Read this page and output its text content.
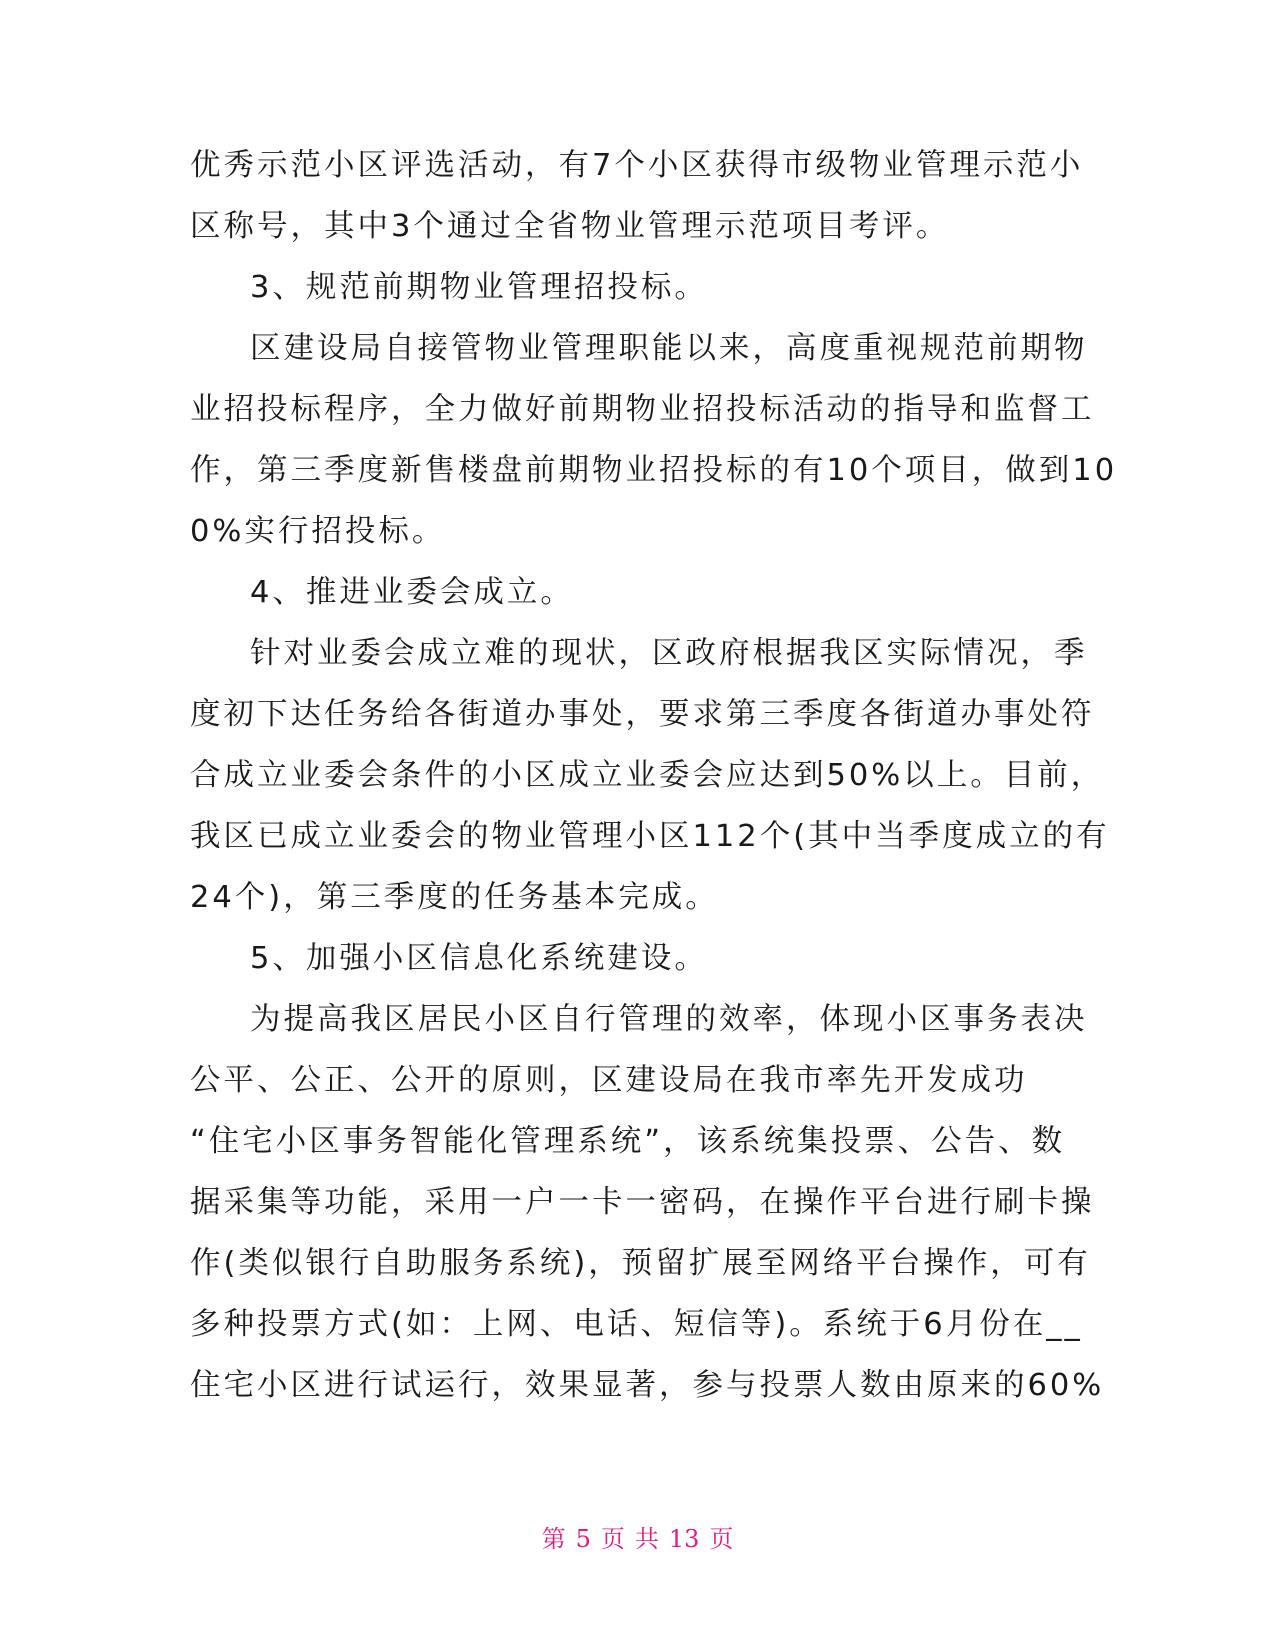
优秀示范小区评选活动，有7个小区获得市级物业管理示范小
区称号，其中3个通过全省物业管理示范项目考评。
3、规范前期物业管理招投标。
区建设局自接管物业管理职能以来，高度重视规范前期物
业招投标程序，全力做好前期物业招投标活动的指导和监督工
作，第三季度新售楼盘前期物业招投标的有10个项目，做到10
0%实行招投标。
4、推进业委会成立。
针对业委会成立难的现状，区政府根据我区实际情况，季
度初下达任务给各街道办事处，要求第三季度各街道办事处符
合成立业委会条件的小区成立业委会应达到50%以上。目前，
我区已成立业委会的物业管理小区112个(其中当季度成立的有
24个)，第三季度的任务基本完成。
5、加强小区信息化系统建设。
为提高我区居民小区自行管理的效率，体现小区事务表决
公平、公正、公开的原则，区建设局在我市率先开发成功
“住宅小区事务智能化管理系统”，该系统集投票、公告、数
据采集等功能，采用一户一卡一密码，在操作平台进行刷卡操
作(类似银行自助服务系统)，预留扩展至网络平台操作，可有
多种投票方式(如：上网、电话、短信等)。系统于6月份在__
住宅小区进行试运行，效果显著，参与投票人数由原来的60%
第 5 页 共 13 页
